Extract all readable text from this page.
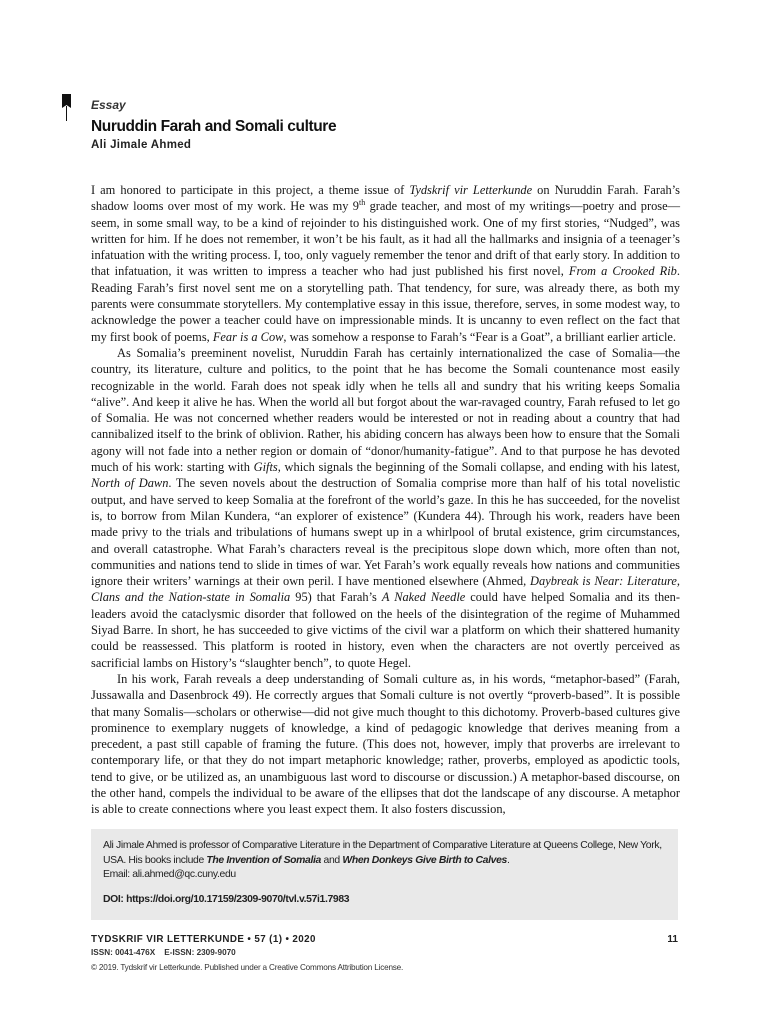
Essay

Nuruddin Farah and Somali culture

Ali Jimale Ahmed

I am honored to participate in this project, a theme issue of Tydskrif vir Letterkunde on Nuruddin Farah. Farah’s shadow looms over most of my work. He was my 9th grade teacher, and most of my writings—poetry and prose—seem, in some small way, to be a kind of rejoinder to his distinguished work. One of my first stories, “Nudged”, was written for him. If he does not remember, it won’t be his fault, as it had all the hallmarks and insignia of a teenager’s infatuation with the writing process. I, too, only vaguely remember the tenor and drift of that early story. In addition to that infatuation, it was written to impress a teacher who had just published his first novel, From a Crooked Rib. Reading Farah’s first novel sent me on a storytelling path. That tendency, for sure, was already there, as both my parents were consummate storytellers. My contemplative essay in this issue, therefore, serves, in some modest way, to acknowledge the power a teacher could have on impressionable minds. It is uncanny to even reflect on the fact that my first book of poems, Fear is a Cow, was somehow a response to Farah’s “Fear is a Goat”, a brilliant earlier article.

As Somalia’s preeminent novelist, Nuruddin Farah has certainly internationalized the case of Somalia—the country, its literature, culture and politics, to the point that he has become the Somali countenance most easily recognizable in the world. Farah does not speak idly when he tells all and sundry that his writing keeps Somalia “alive”. And keep it alive he has. When the world all but forgot about the war-ravaged country, Farah refused to let go of Somalia. He was not concerned whether readers would be interested or not in reading about a country that had cannibalized itself to the brink of oblivion. Rather, his abiding concern has always been how to ensure that the Somali agony will not fade into a nether region or domain of “donor/humanity-fatigue”. And to that purpose he has devoted much of his work: starting with Gifts, which signals the beginning of the Somali collapse, and ending with his latest, North of Dawn. The seven novels about the destruction of Somalia comprise more than half of his total novelistic output, and have served to keep Somalia at the forefront of the world’s gaze. In this he has succeeded, for the novelist is, to borrow from Milan Kundera, “an explorer of existence” (Kundera 44). Through his work, readers have been made privy to the trials and tribulations of humans swept up in a whirlpool of brutal existence, grim circumstances, and overall catastrophe. What Farah’s characters reveal is the precipitous slope down which, more often than not, communities and nations tend to slide in times of war. Yet Farah’s work equally reveals how nations and communities ignore their writers’ warnings at their own peril. I have mentioned elsewhere (Ahmed, Daybreak is Near: Literature, Clans and the Nation-state in Somalia 95) that Farah’s A Naked Needle could have helped Somalia and its then-leaders avoid the cataclysmic disorder that followed on the heels of the disintegration of the regime of Muhammed Siyad Barre. In short, he has succeeded to give victims of the civil war a platform on which their shattered humanity could be reassessed. This platform is rooted in history, even when the characters are not overtly perceived as sacrificial lambs on History’s “slaughter bench”, to quote Hegel.

In his work, Farah reveals a deep understanding of Somali culture as, in his words, “metaphor-based” (Farah, Jussawalla and Dasenbrock 49). He correctly argues that Somali culture is not overtly “proverb-based”. It is possible that many Somalis—scholars or otherwise—did not give much thought to this dichotomy. Proverb-based cultures give prominence to exemplary nuggets of knowledge, a kind of pedagogic knowledge that derives meaning from a precedent, a past still capable of framing the future. (This does not, however, imply that proverbs are irrelevant to contemporary life, or that they do not impart metaphoric knowledge; rather, proverbs, employed as apodictic tools, tend to give, or be utilized as, an unambiguous last word to discourse or discussion.) A metaphor-based discourse, on the other hand, compels the individual to be aware of the ellipses that dot the landscape of any discourse. A metaphor is able to create connections where you least expect them. It also fosters discussion,

Ali Jimale Ahmed is professor of Comparative Literature in the Department of Comparative Literature at Queens College, New York, USA. His books include The Invention of Somalia and When Donkeys Give Birth to Calves.

Email: ali.ahmed@qc.cuny.edu

DOI: https://doi.org/10.17159/2309-9070/tvl.v.57i1.7983

TYDSKRIF VIR LETTERKUNDE • 57 (1) • 2020
ISSN: 0041-476X    E-ISSN: 2309-9070
11
© 2019. Tydskrif vir Letterkunde. Published under a Creative Commons Attribution License.
